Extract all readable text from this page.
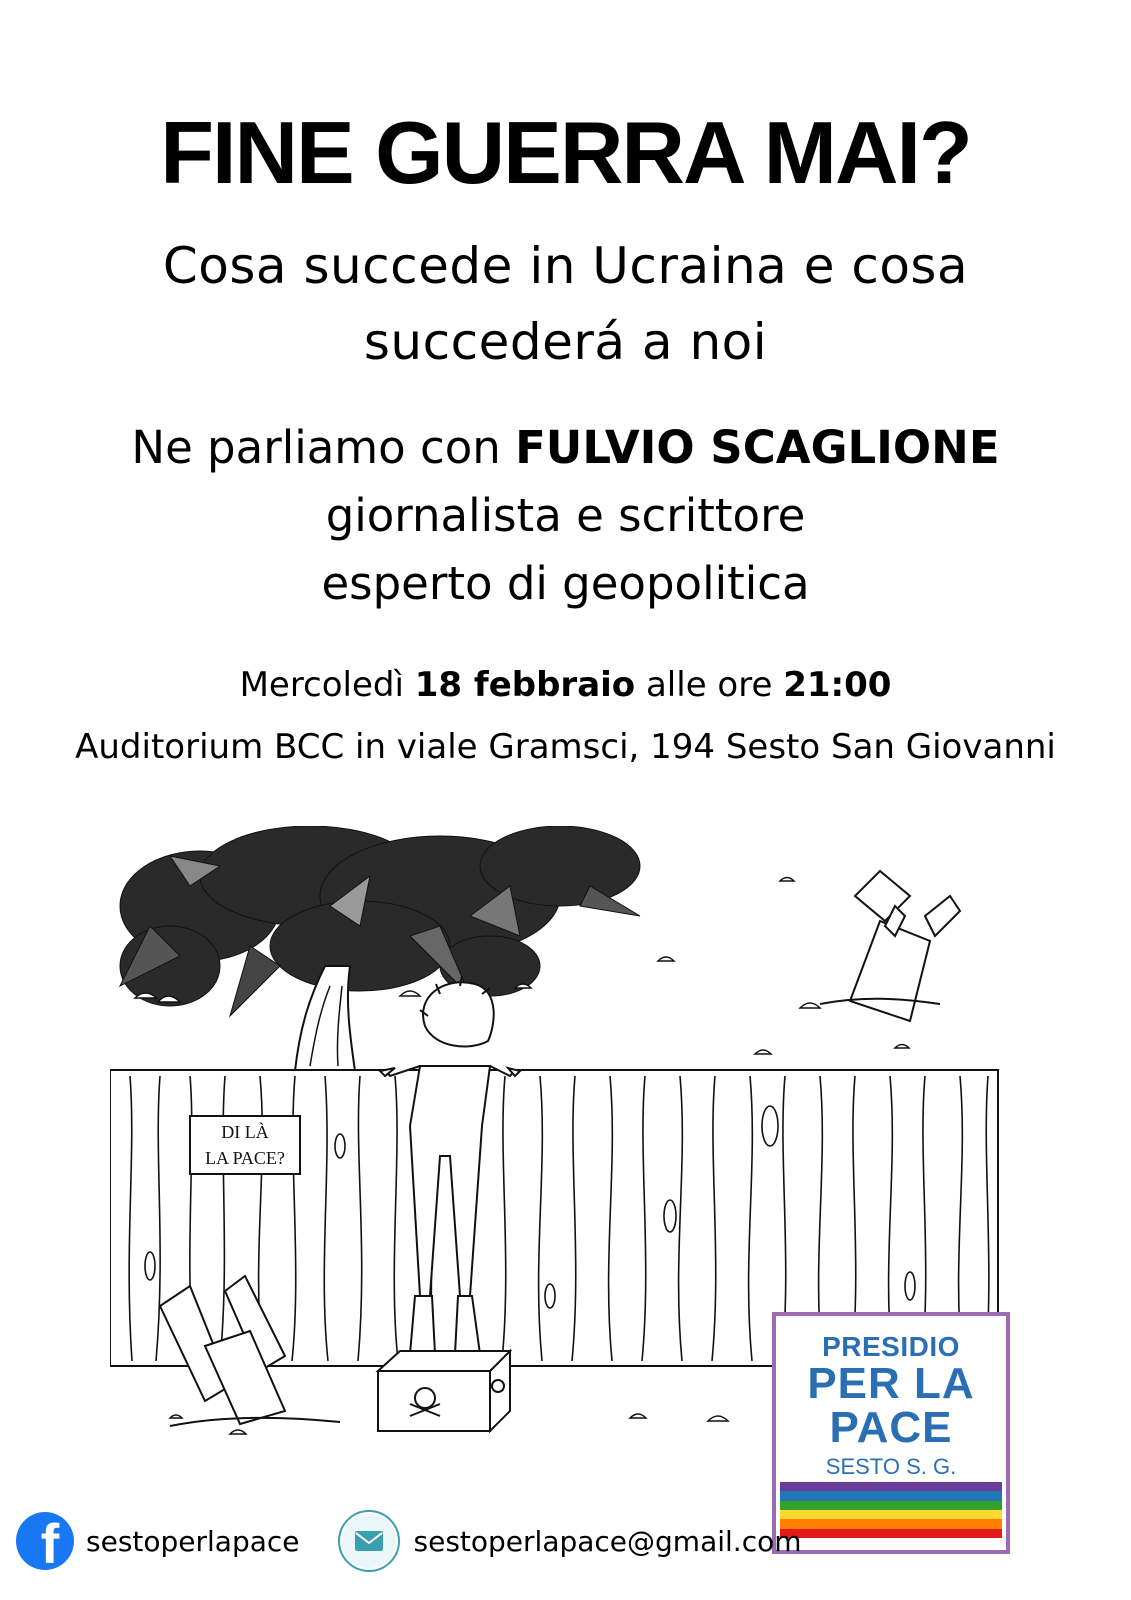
FINE GUERRA MAI?
Cosa succede in Ucraina e cosa
succederá a noi
Ne parliamo con FULVIO SCAGLIONE
giornalista e scrittore
esperto di geopolitica
Mercoledì 18 febbraio alle ore 21:00
Auditorium BCC in viale Gramsci, 194 Sesto San Giovanni
DI LÀ
LA PACE?
PRESIDIO
PER LA
PACE
SESTO S. G.
f sestoperlapace	sestoperlapace@gmail.com
